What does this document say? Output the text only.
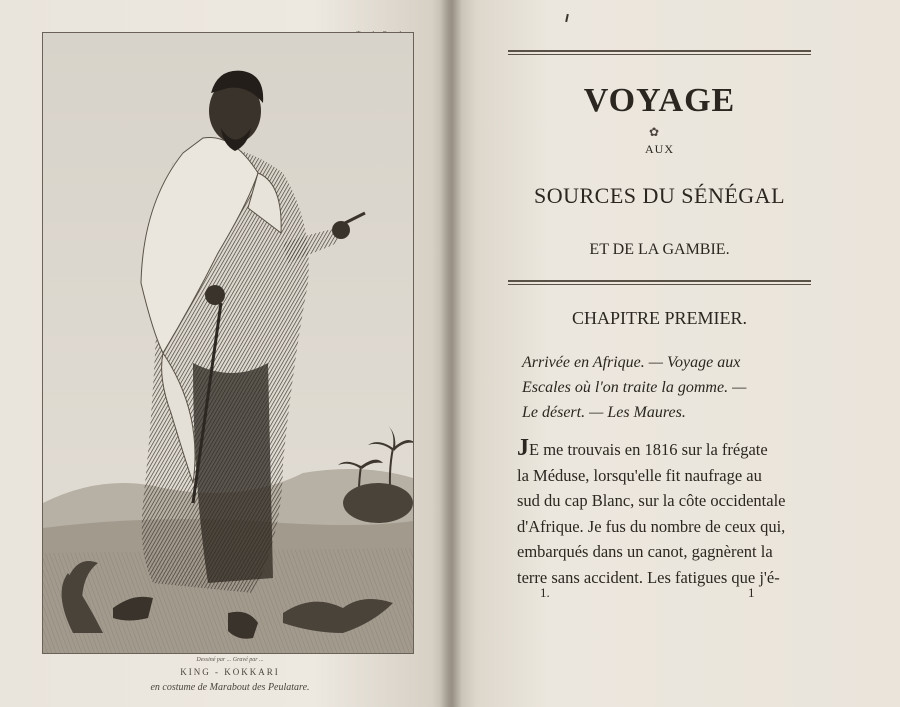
Dessiné par ... Gravé par ...
KING - KOKKARI
en costume de Marabout des Peulatare.
VOYAGE
✿
AUX
SOURCES DU SÉNÉGAL
ET DE LA GAMBIE.
CHAPITRE PREMIER.
Arrivée en Afrique. — Voyage aux
Escales où l'on traite la gomme. —
Le désert. — Les Maures.
JE me trouvais en 1816 sur la frégate
la Méduse, lorsqu'elle fit naufrage au
sud du cap Blanc, sur la côte occidentale
d'Afrique. Je fus du nombre de ceux qui,
embarqués dans un canot, gagnèrent la
terre sans accident. Les fatigues que j'é-
1.	1
